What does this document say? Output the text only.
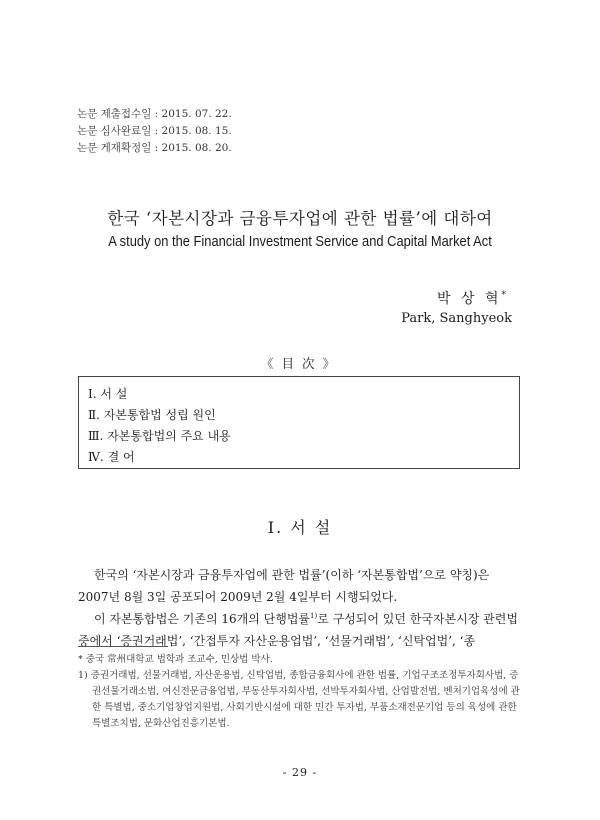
논문 제출접수일 : 2015. 07. 22.
논문 심사완료일 : 2015. 08. 15.
논문 게재확정일 : 2015. 08. 20.
한국 ‘자본시장과 금융투자업에 관한 법률’에 대하여
A study on the Financial Investment Service and Capital Market Act
박 상 혁*
Park, Sanghyeok
《 目 次 》
Ⅰ. 서 설
Ⅱ. 자본통합법 성립 원인
Ⅲ. 자본통합법의 주요 내용
Ⅳ. 결 어
Ⅰ. 서 설
한국의 ‘자본시장과 금융투자업에 관한 법률’(이하 ‘자본통합법’으로 약칭)은 2007년 8월 3일 공포되어 2009년 2월 4일부터 시행되었다.
이 자본통합법은 기존의 16개의 단행법률$^{1)}$로 구성되어 있던 한국자본시장 관련법 중에서 ‘증권거래법’, ‘간접투자 자산운용업법’, ‘선물거래법’, ‘신탁업법’, ‘종
* 중국 常州대학교 법학과 조교수, 민상법 박사.
1) 증권거래법, 선물거래법, 자산운용법, 신탁업법, 종합금융회사에 관한 법률, 기업구조조정투자회사법, 증권선물거래소법, 여신전문금융업법, 부동산투자회사법, 선박투자회사법, 산업발전법, 벤처기업육성에 관한 특별법, 중소기업창업지원법, 사회기반시설에 대한 민간 투자법, 부품소재전문기업 등의 육성에 관한특별조치법, 문화산업진흥기본법.
- 29 -
